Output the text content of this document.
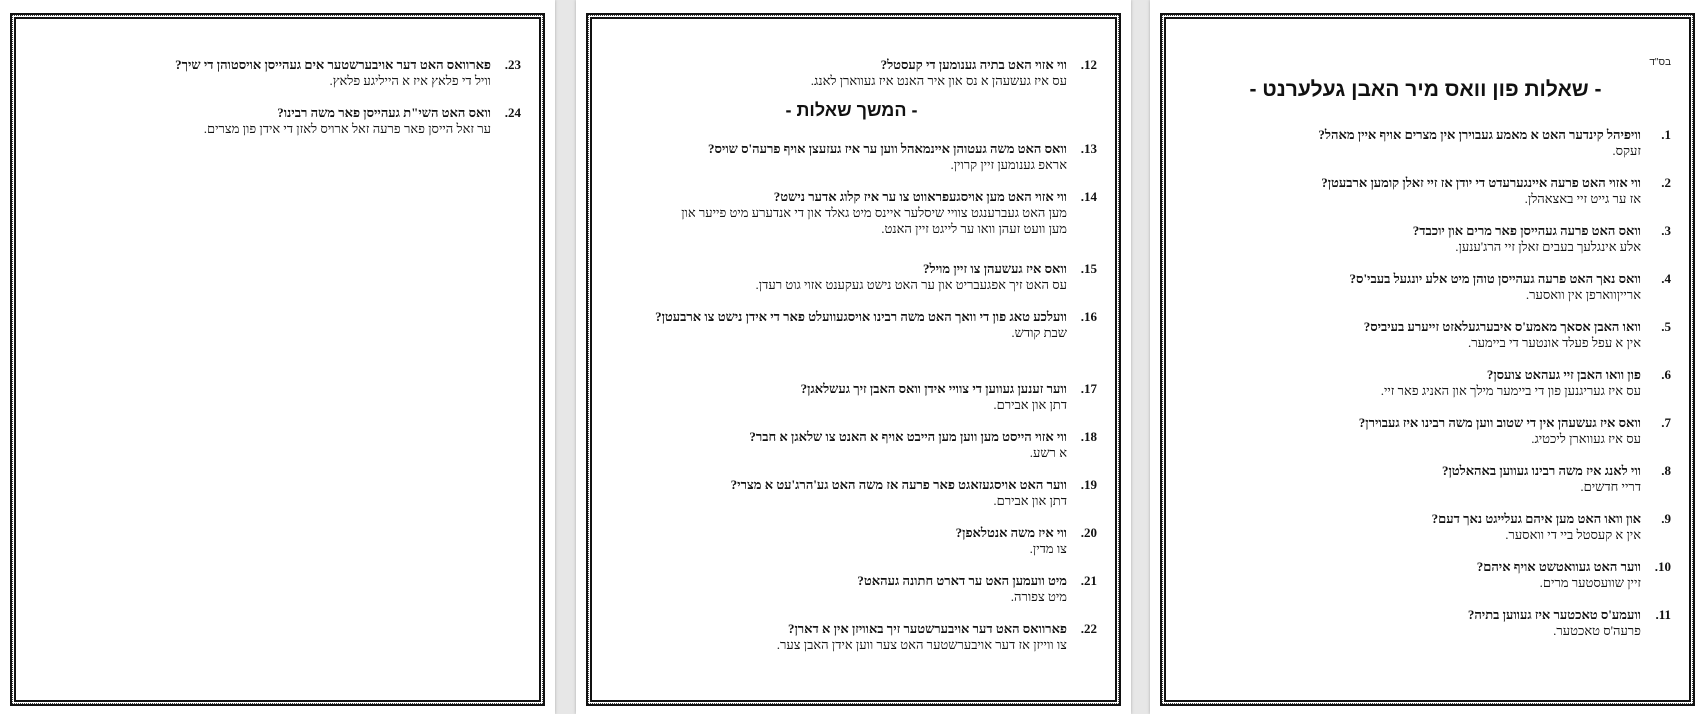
23.
פארוואס האט דער אויבערשטער אים געהייסן אויסטוהן די שיך?
וויל די פלאץ איז א הייליגע פלאץ.
24.
וואס האט השי"ת געהייסן פאר משה רבינו?
ער זאל הייסן פאר פרעה זאל ארויס לאזן די אידן פון מצרים.
- המשך שאלות -
12.
ווי אזוי האט בתיה גענומען די קעסטל?
עס איז געשעהן א נס און איר האנט איז געווארן לאנג.
13.
וואס האט משה געטוהן איינמאהל ווען ער איז געזעצן אויף פרעה'ס שויס?
אראפ גענומען זיין קרוין.
14.
ווי אזוי האט מען אויסגעפראווט צו ער איז קלוג אדער נישט?
מען האט געברענגט צוויי שיסלער איינס מיט גאלד און די אנדערע מיט פייער און
מען וועט זעהן וואו ער לייגט זיין האנט.
15.
וואס איז געשעהן צו זיין מויל?
עס האט זיך אפגעבריט און ער האט נישט געקענט אזוי גוט רעדן.
16.
וועלכע טאג פון די וואך האט משה רבינו אויסגעוועלט פאר די אידן נישט צו ארבעטן?
שבת קודש.
17.
ווער זענען געווען די צוויי אידן וואס האבן זיך געשלאגן?
דתן און אבירם.
18.
ווי אזוי הייסט מען ווען מען הייבט אויף א האנט צו שלאגן א חבר?
א רשע.
19.
ווער האט אויסגעזאגט פאר פרעה אז משה האט גע'הרג'עט א מצרי?
דתן און אבירם.
20.
ווי איז משה אנטלאפן?
צו מדין.
21.
מיט וועמען האט ער דארט חתונה געהאט?
מיט צפורה.
22.
פארוואס האט דער אויבערשטער זיך באוויזן אין א דארן?
צו ווייזן אז דער אויבערשטער האט צער ווען אידן האבן צער.
בס"ד
- שאלות פון וואס מיר האבן געלערנט -
1.
וויפיהל קינדער האט א מאמע געבוירן אין מצרים אויף איין מאהל?
זעקס.
2.
ווי אזוי האט פרעה איינגערעדט די יודן אז זיי זאלן קומען ארבעטן?
אז ער גייט זיי באצאהלן.
3.
וואס האט פרעה געהייסן פאר מרים און יוכבד?
אלע אינגלעך בעבים זאלן זיי הרג'ענען.
4.
וואס נאך האט פרעה געהייסן טוהן מיט אלע יונגעל בעבי'ס?
ארייןווארפן אין וואסער.
5.
וואו האבן אסאך מאמע'ס איבערגעלאזט זייערע בעיביס?
אין א עפל פעלד אונטער די ביימער.
6.
פון וואו האבן זיי געהאט צועסן?
עס איז געריגנען פון די ביימער מילך און האניג פאר זיי.
7.
וואס איז געשעהן אין די שטוב ווען משה רבינו איז געבוירן?
עס איז געווארן ליכטיג.
8.
ווי לאנג איז משה רבינו געווען באהאלטן?
דריי חדשים.
9.
און וואו האט מען איהם געלייגט נאך דעם?
אין א קעסטל ביי די וואסער.
10.
ווער האט געוואטשט אויף איהם?
זיין שוועסטער מרים.
11.
וועמע'ס טאכטער איז געווען בתיה?
פרעה'ס טאכטער.
